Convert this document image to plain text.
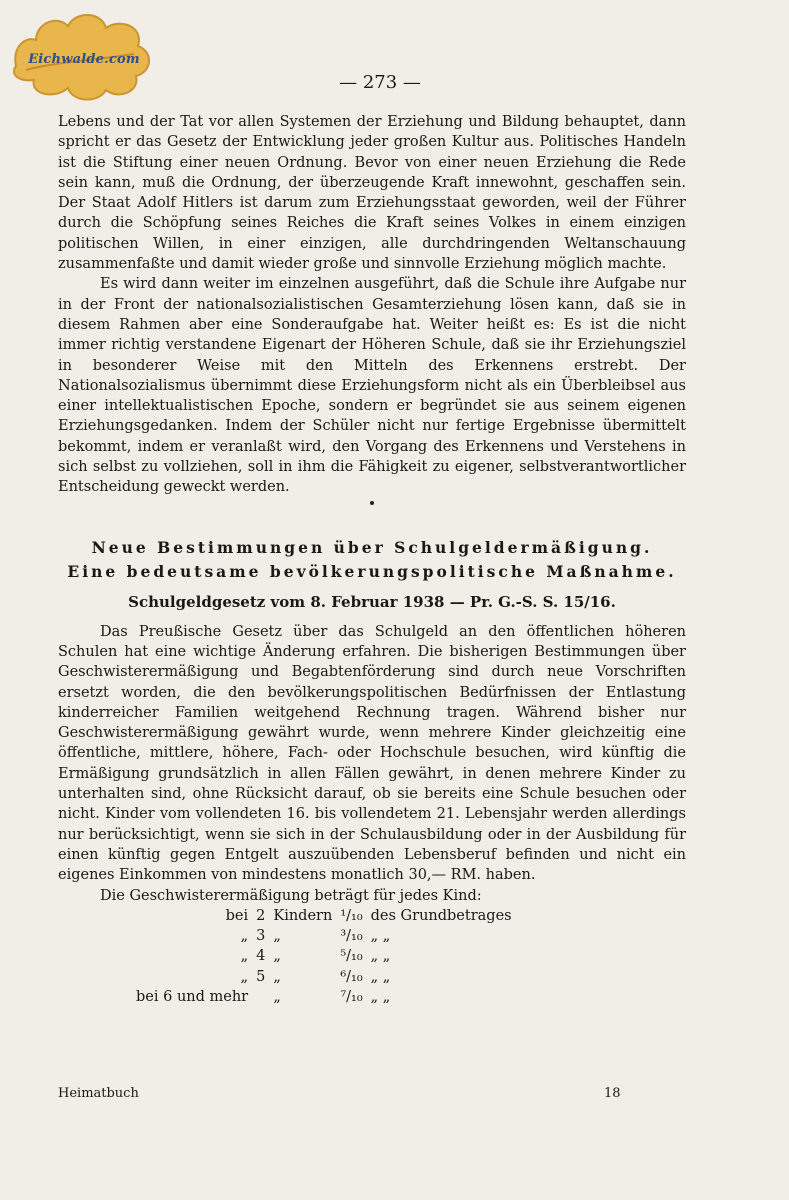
Eichwalde.com
— 273 —

Lebens und der Tat vor allen Systemen der Erziehung und Bildung behauptet, dann spricht er das Gesetz der Entwicklung jeder großen Kultur aus. Politisches Handeln ist die Stiftung einer neuen Ordnung. Bevor von einer neuen Erziehung die Rede sein kann, muß die Ordnung, der überzeugende Kraft innewohnt, geschaffen sein. Der Staat Adolf Hitlers ist darum zum Erziehungsstaat geworden, weil der Führer durch die Schöpfung seines Reiches die Kraft seines Volkes in einem einzigen politischen Willen, in einer einzigen, alle durchdringenden Weltanschauung zusammenfaßte und damit wieder große und sinnvolle Erziehung möglich machte.

Es wird dann weiter im einzelnen ausgeführt, daß die Schule ihre Aufgabe nur in der Front der nationalsozialistischen Gesamterziehung lösen kann, daß sie in diesem Rahmen aber eine Sonderaufgabe hat. Weiter heißt es: Es ist die nicht immer richtig verstandene Eigenart der Höheren Schule, daß sie ihr Erziehungsziel in besonderer Weise mit den Mitteln des Erkennens erstrebt. Der Nationalsozialismus übernimmt diese Erziehungsform nicht als ein Überbleibsel aus einer intellektualistischen Epoche, sondern er begründet sie aus seinem eigenen Erziehungsgedanken. Indem der Schüler nicht nur fertige Ergebnisse übermittelt bekommt, indem er veranlaßt wird, den Vorgang des Erkennens und Verstehens in sich selbst zu vollziehen, soll in ihm die Fähigkeit zu eigener, selbstverantwortlicher Entscheidung geweckt werden.

Neue Bestimmungen über Schulgeldermäßigung.
Eine bedeutsame bevölkerungspolitische Maßnahme.
Schulgeldgesetz vom 8. Februar 1938 — Pr. G.-S. S. 15/16.

Das Preußische Gesetz über das Schulgeld an den öffentlichen höheren Schulen hat eine wichtige Änderung erfahren. Die bisherigen Bestimmungen über Geschwisterermäßigung und Begabtenförderung sind durch neue Vorschriften ersetzt worden, die den bevölkerungspolitischen Bedürfnissen der Entlastung kinderreicher Familien weitgehend Rechnung tragen. Während bisher nur Geschwisterermäßigung gewährt wurde, wenn mehrere Kinder gleichzeitig eine öffentliche, mittlere, höhere, Fach- oder Hochschule besuchen, wird künftig die Ermäßigung grundsätzlich in allen Fällen gewährt, in denen mehrere Kinder zu unterhalten sind, ohne Rücksicht darauf, ob sie bereits eine Schule besuchen oder nicht. Kinder vom vollendeten 16. bis vollendetem 21. Lebensjahr werden allerdings nur berücksichtigt, wenn sie sich in der Schulausbildung oder in der Ausbildung für einen künftig gegen Entgelt auszuübenden Lebensberuf befinden und nicht ein eigenes Einkommen von mindestens monatlich 30,— RM. haben.

Die Geschwisterermäßigung beträgt für jedes Kind:

bei	2	Kindern	¹/₁₀	des Grundbetrages
„	3	„	³/₁₀	„ „
„	4	„	⁵/₁₀	„ „
„	5	„	⁶/₁₀	„ „
bei 6 und mehr		„	⁷/₁₀	„ „
Heimatbuch	18
